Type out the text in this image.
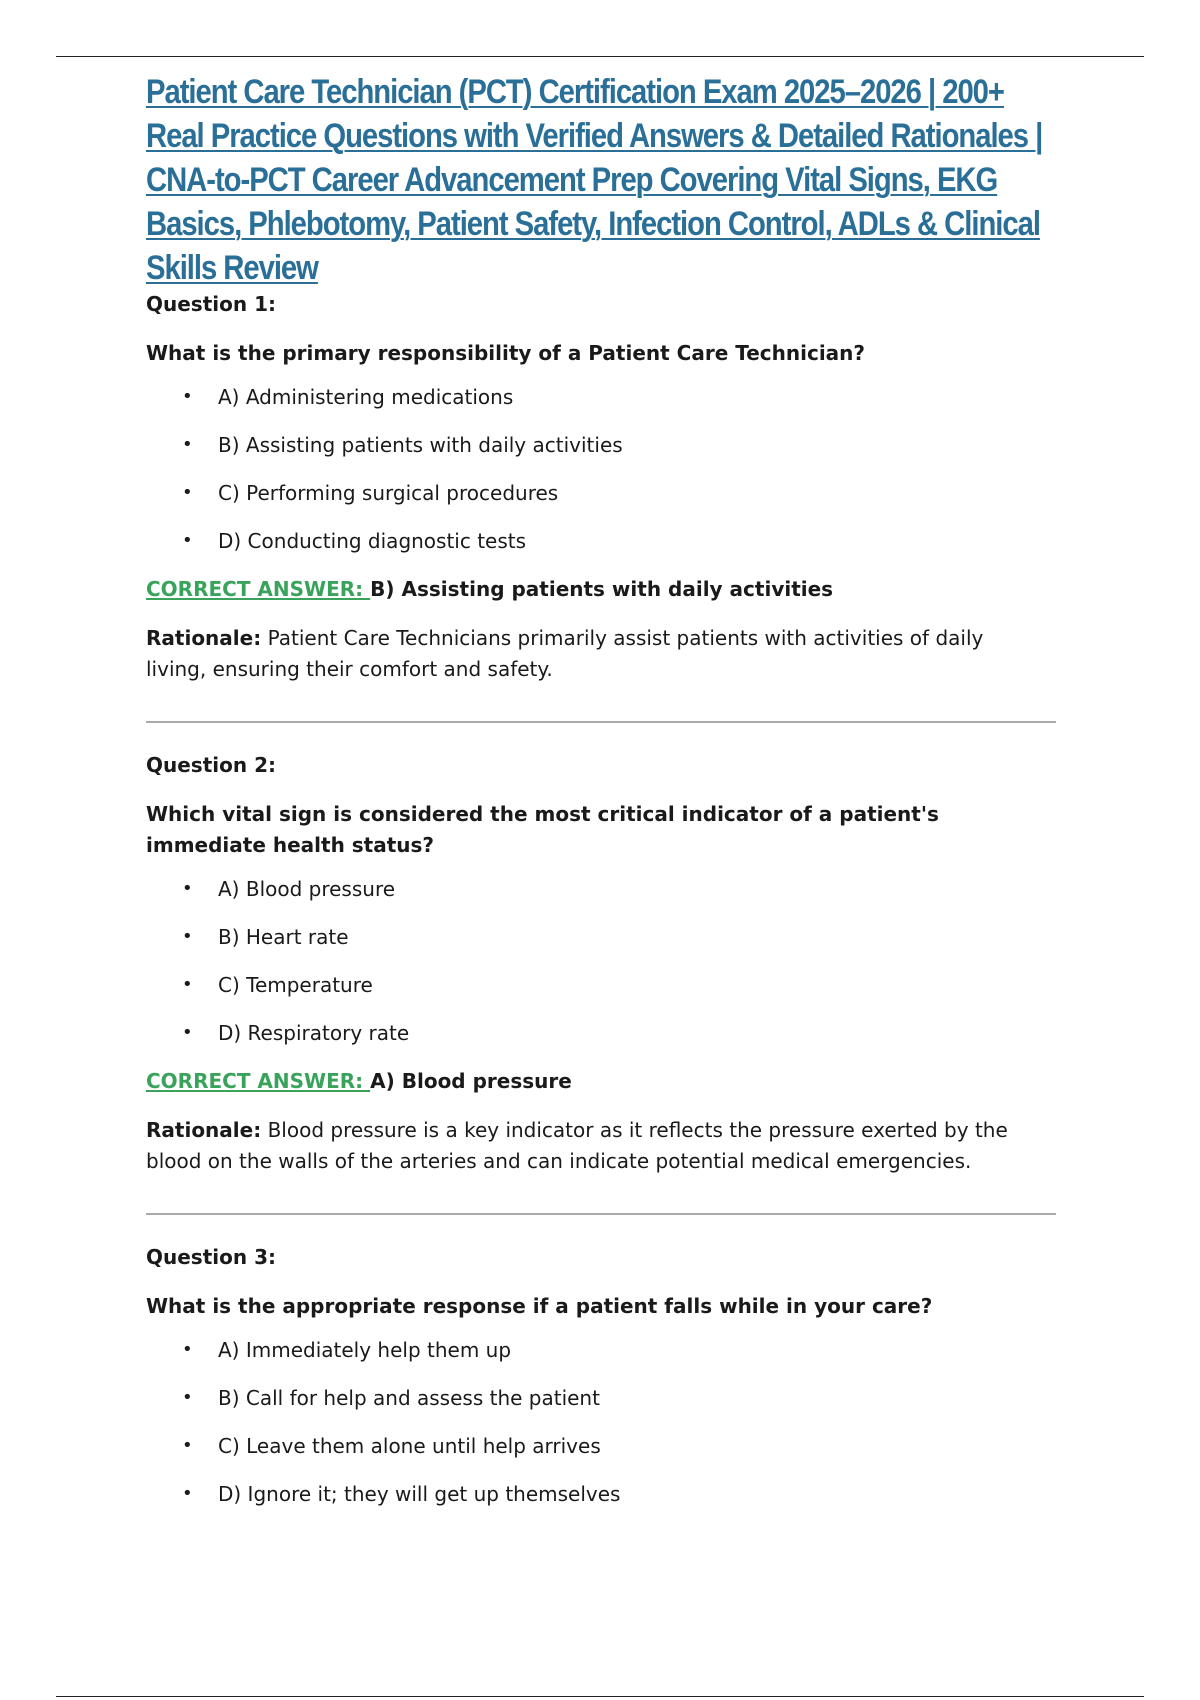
Patient Care Technician (PCT) Certification Exam 2025–2026 | 200+ Real Practice Questions with Verified Answers & Detailed Rationales | CNA-to-PCT Career Advancement Prep Covering Vital Signs, EKG Basics, Phlebotomy, Patient Safety, Infection Control, ADLs & Clinical Skills Review

Question 1:

What is the primary responsibility of a Patient Care Technician?

• A) Administering medications
• B) Assisting patients with daily activities
• C) Performing surgical procedures
• D) Conducting diagnostic tests

CORRECT ANSWER: B) Assisting patients with daily activities

Rationale: Patient Care Technicians primarily assist patients with activities of daily living, ensuring their comfort and safety.

Question 2:

Which vital sign is considered the most critical indicator of a patient's immediate health status?

• A) Blood pressure
• B) Heart rate
• C) Temperature
• D) Respiratory rate

CORRECT ANSWER: A) Blood pressure

Rationale: Blood pressure is a key indicator as it reflects the pressure exerted by the blood on the walls of the arteries and can indicate potential medical emergencies.

Question 3:

What is the appropriate response if a patient falls while in your care?

• A) Immediately help them up
• B) Call for help and assess the patient
• C) Leave them alone until help arrives
• D) Ignore it; they will get up themselves
